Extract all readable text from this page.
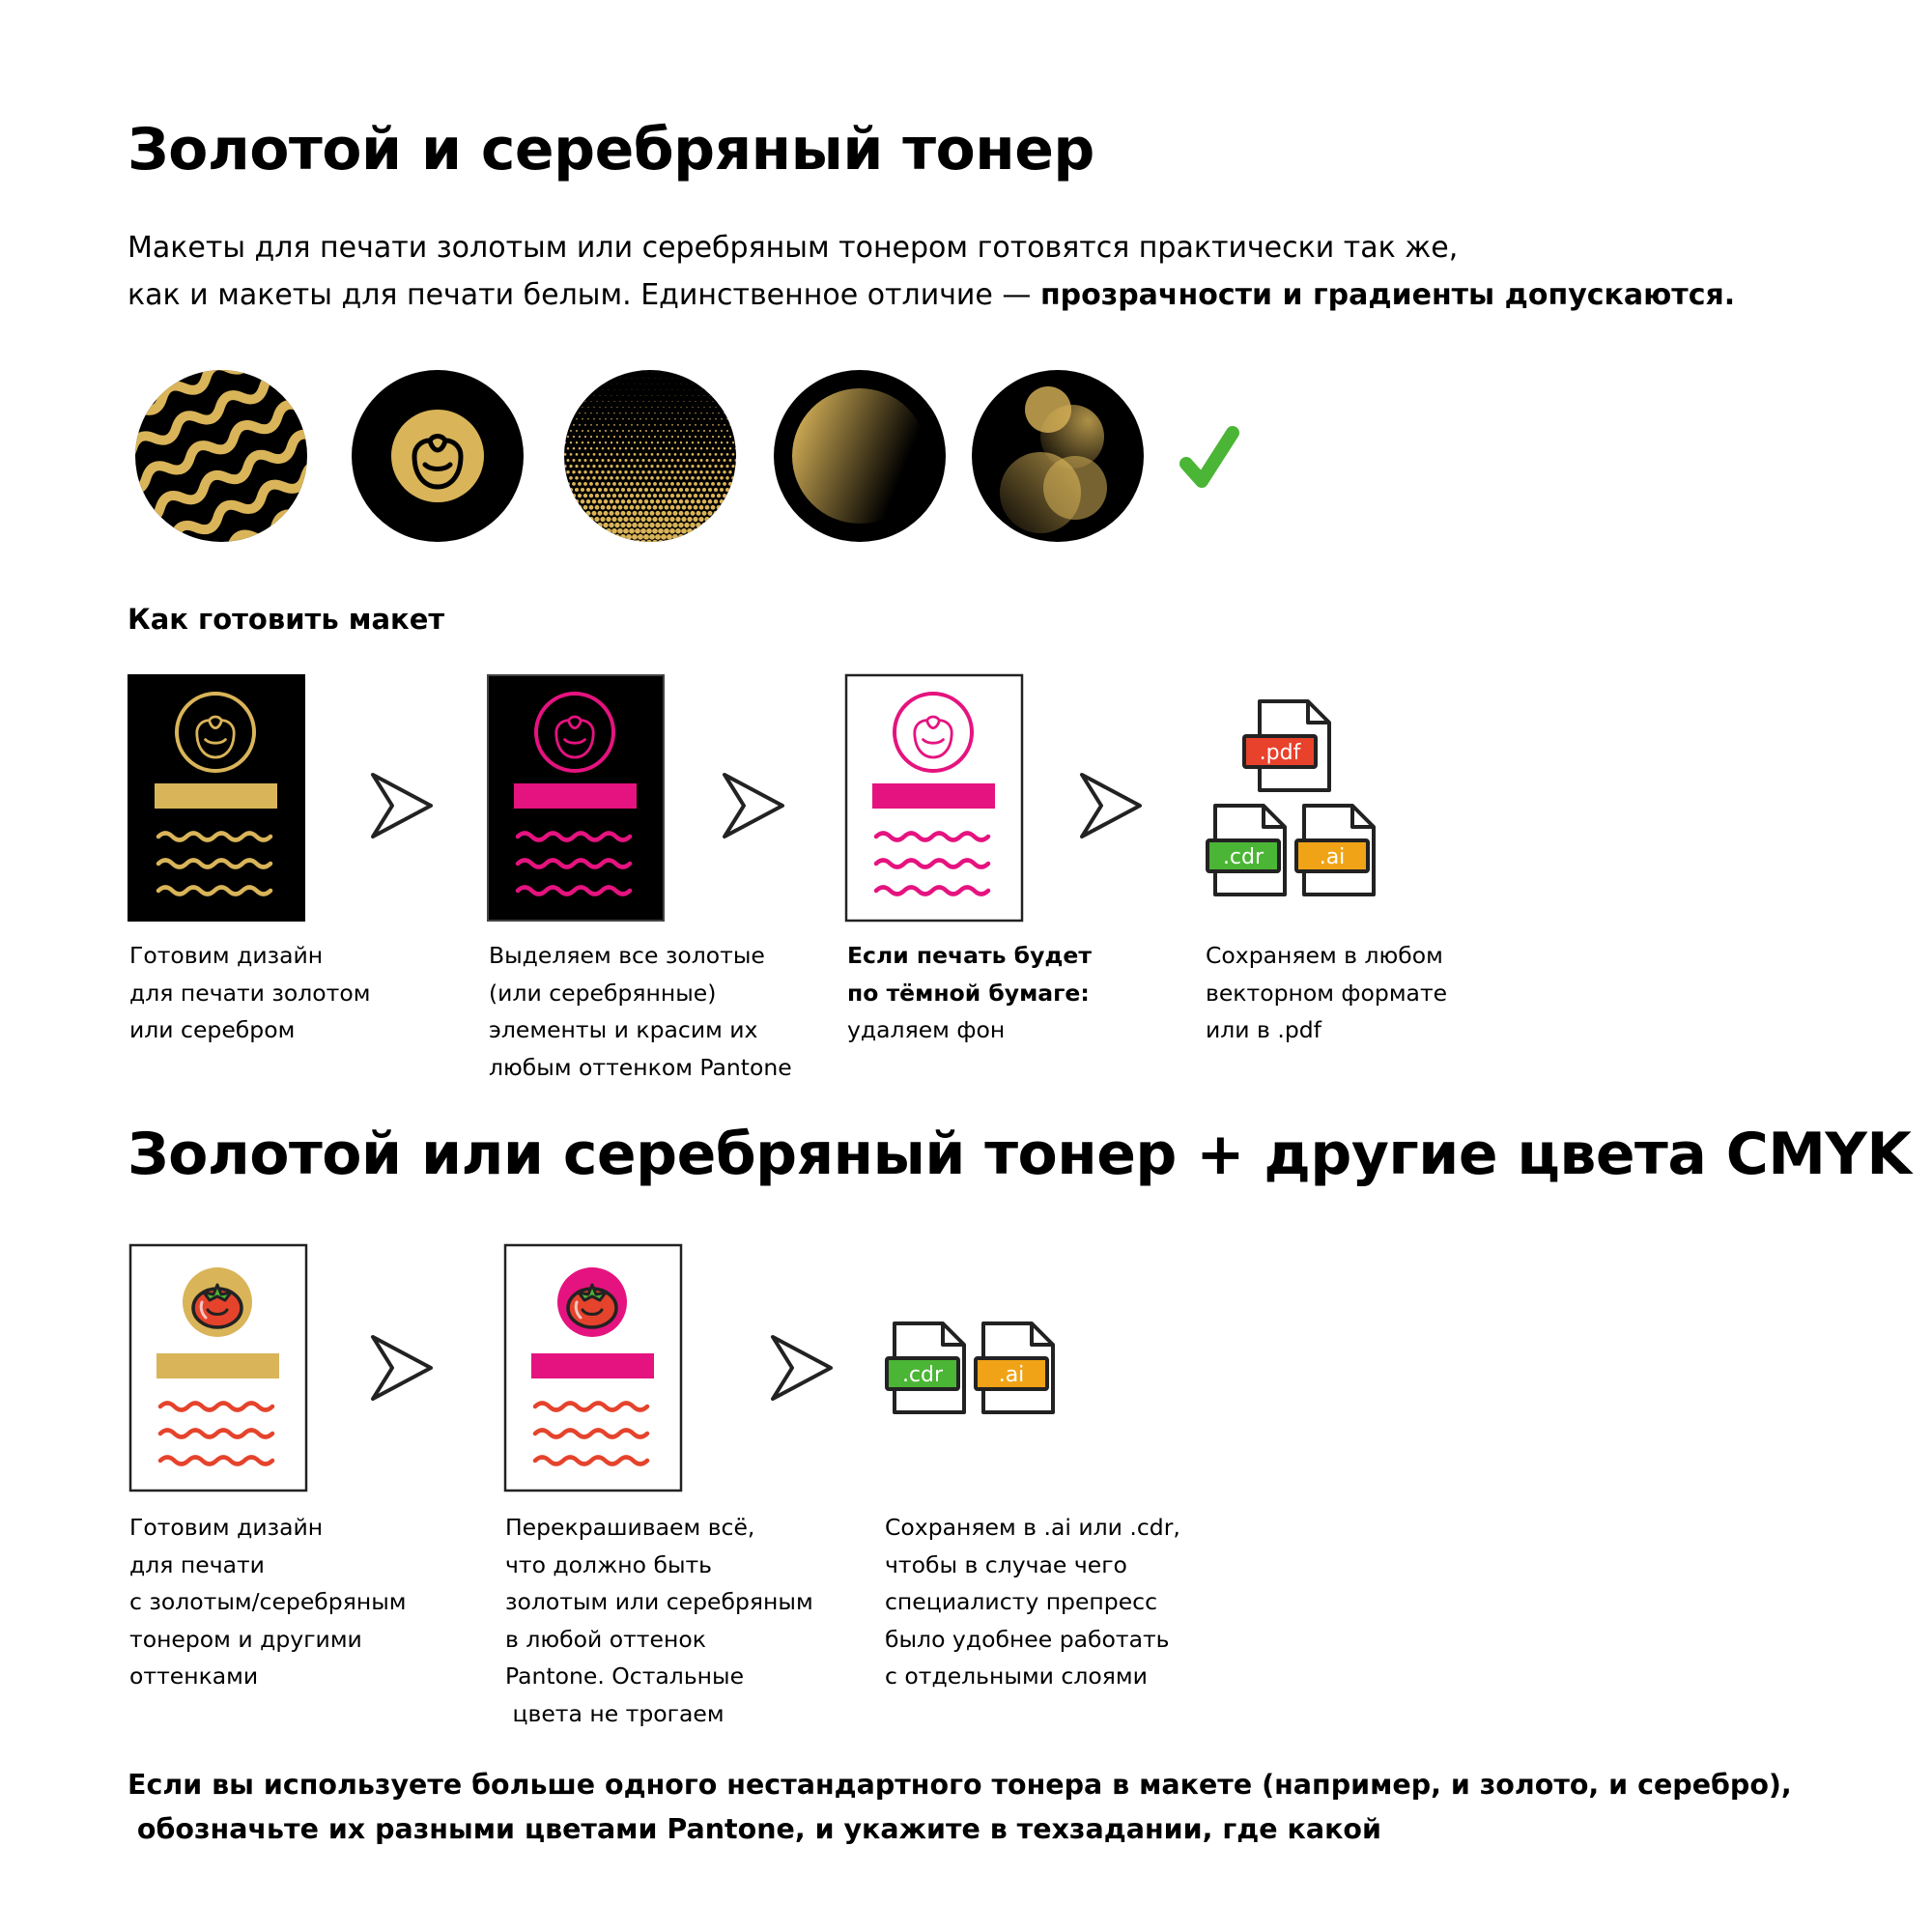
Золотой и серебряный тонер
Макеты для печати золотым или серебряным тонером готовятся практически так же,
как и макеты для печати белым. Единственное отличие — прозрачности и градиенты допускаются.
Как готовить макет
.pdf
.cdr	.ai
Готовим дизайн
для печати золотом
или серебром
Выделяем все золотые
(или серебрянные)
элементы и красим их
любым оттенком Pantone
Если печать будет
по тёмной бумаге:
удаляем фон
Сохраняем в любом
векторном формате
или в .pdf
Золотой или серебряный тонер + другие цвета CMYK
.cdr	.ai
Готовим дизайн
для печати
с золотым/серебряным
тонером и другими
оттенками
Перекрашиваем всё,
что должно быть
золотым или серебряным
в любой оттенок
Pantone. Остальные
цвета не трогаем
Сохраняем в .ai или .cdr,
чтобы в случае чего
специалисту препресс
было удобнее работать
с отдельными слоями
Если вы используете больше одного нестандартного тонера в макете (например, и золото, и серебро),
обозначьте их разными цветами Pantone, и укажите в техзадании, где какой
